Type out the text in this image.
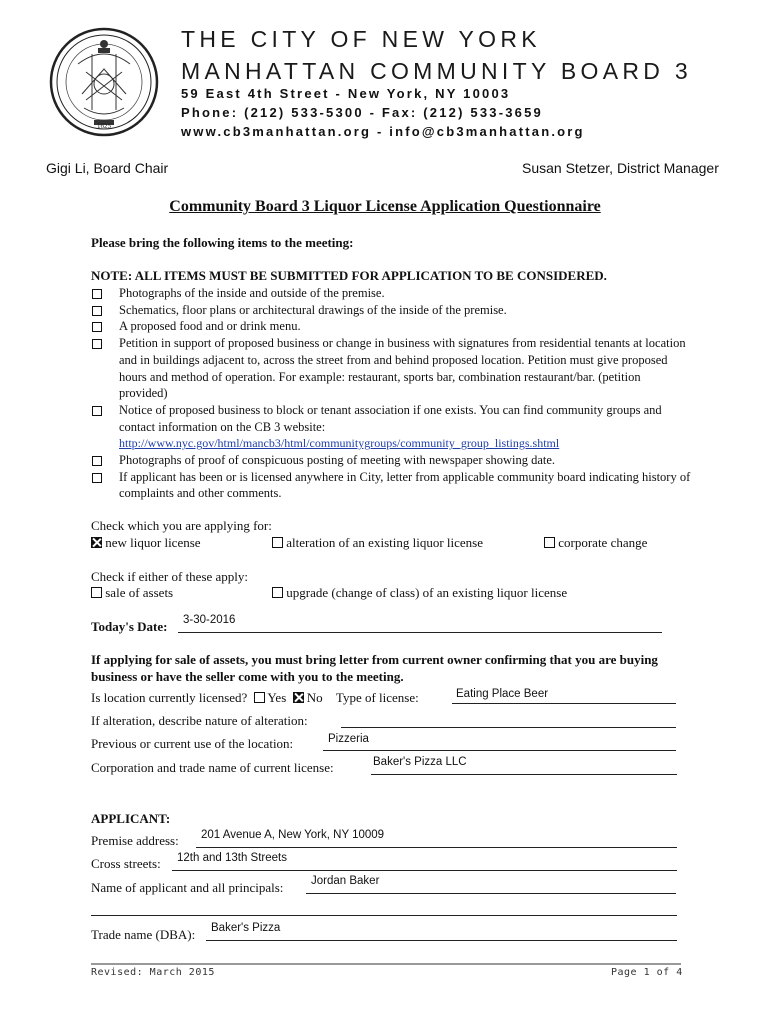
1625
THE CITY OF NEW YORK
MANHATTAN COMMUNITY BOARD 3
59 East 4th Street - New York, NY 10003
Phone: (212) 533-5300 - Fax: (212) 533-3659
www.cb3manhattan.org - info@cb3manhattan.org
Gigi Li, Board Chair	Susan Stetzer, District Manager
Community Board 3 Liquor License Application Questionnaire
Please bring the following items to the meeting:
NOTE: ALL ITEMS MUST BE SUBMITTED FOR APPLICATION TO BE CONSIDERED.
Photographs of the inside and outside of the premise.
Schematics, floor plans or architectural drawings of the inside of the premise.
A proposed food and or drink menu.
Petition in support of proposed business or change in business with signatures from residential tenants at location and in buildings adjacent to, across the street from and behind proposed location. Petition must give proposed hours and method of operation. For example: restaurant, sports bar, combination restaurant/bar. (petition provided)
Notice of proposed business to block or tenant association if one exists. You can find community groups and contact information on the CB 3 website:
http://www.nyc.gov/html/mancb3/html/communitygroups/community_group_listings.shtml
Photographs of proof of conspicuous posting of meeting with newspaper showing date.
If applicant has been or is licensed anywhere in City, letter from applicable community board indicating history of complaints and other comments.
Check which you are applying for:
new liquor license	alteration of an existing liquor license	corporate change
Check if either of these apply:
sale of assets	upgrade (change of class) of an existing liquor license
Today's Date: 3-30-2016
If applying for sale of assets, you must bring letter from current owner confirming that you are buying business or have the seller come with you to the meeting.
Is location currently licensed? Yes No Type of license:	Eating Place Beer
If alteration, describe nature of alteration:
Previous or current use of the location:	Pizzeria
Corporation and trade name of current license:	Baker's Pizza LLC
APPLICANT:
Premise address: 201 Avenue A, New York, NY 10009
Cross streets: 12th and 13th Streets
Name of applicant and all principals: Jordan Baker
Trade name (DBA): Baker's Pizza
Revised: March 2015	Page 1 of 4
